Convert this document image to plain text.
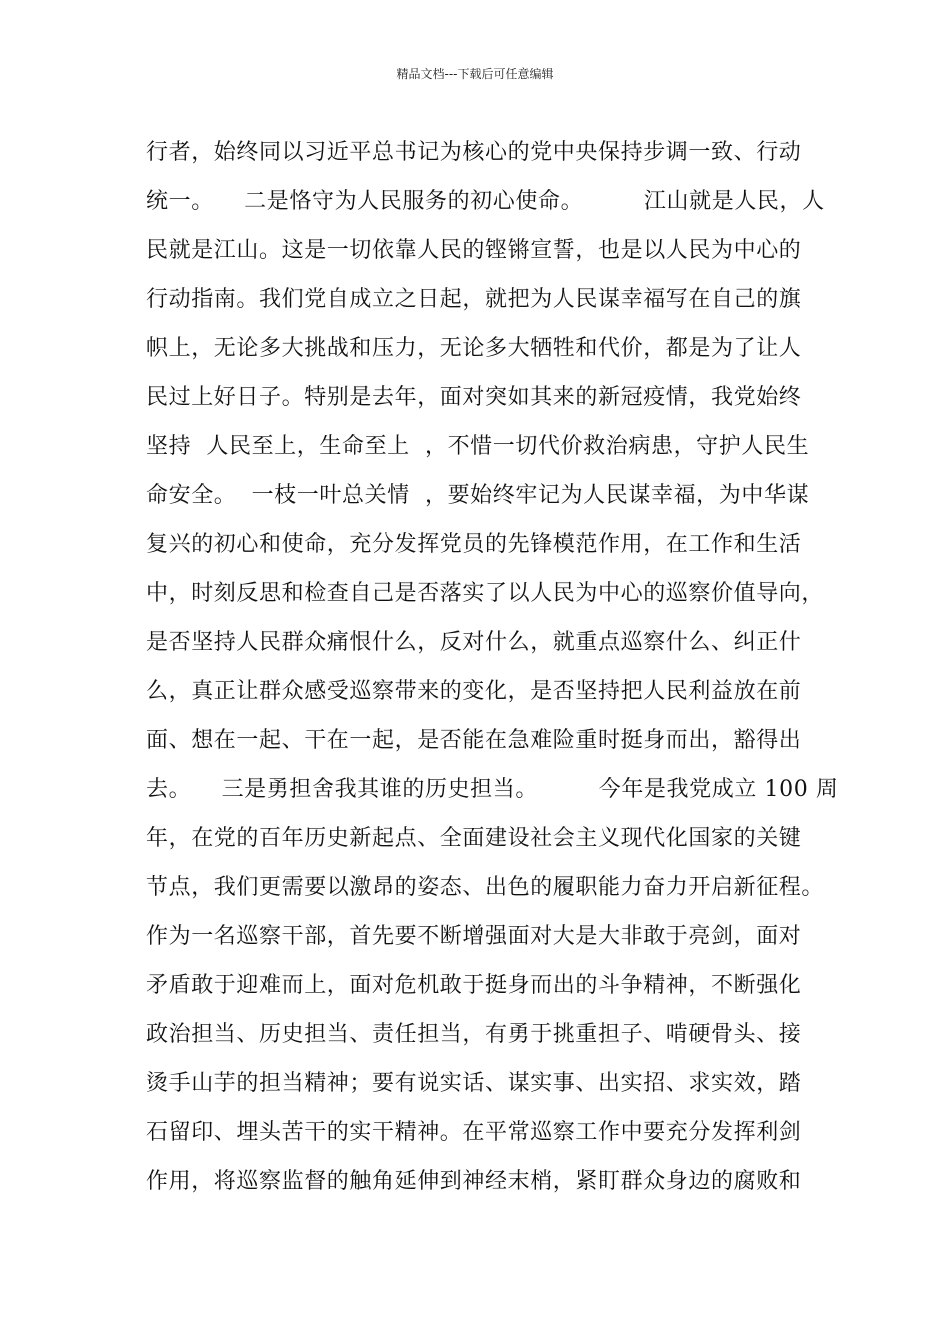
精品文档---下载后可任意编辑
行者，始终同以习近平总书记为核心的党中央保持步调一致、行动
统一。    二是恪守为人民服务的初心使命。        江山就是人民，人
民就是江山。这是一切依靠人民的铿锵宣誓，也是以人民为中心的
行动指南。我们党自成立之日起，就把为人民谋幸福写在自己的旗
帜上，无论多大挑战和压力，无论多大牺牲和代价，都是为了让人
民过上好日子。特别是去年，面对突如其来的新冠疫情，我党始终
坚持  人民至上，生命至上  ，不惜一切代价救治病患，守护人民生
命安全。  一枝一叶总关情  ，要始终牢记为人民谋幸福，为中华谋
复兴的初心和使命，充分发挥党员的先锋模范作用，在工作和生活
中，时刻反思和检查自己是否落实了以人民为中心的巡察价值导向，
是否坚持人民群众痛恨什么，反对什么，就重点巡察什么、纠正什
么，真正让群众感受巡察带来的变化，是否坚持把人民利益放在前
面、想在一起、干在一起，是否能在急难险重时挺身而出，豁得出
去。    三是勇担舍我其谁的历史担当。        今年是我党成立 100 周
年，在党的百年历史新起点、全面建设社会主义现代化国家的关键
节点，我们更需要以激昂的姿态、出色的履职能力奋力开启新征程。
作为一名巡察干部，首先要不断增强面对大是大非敢于亮剑，面对
矛盾敢于迎难而上，面对危机敢于挺身而出的斗争精神，不断强化
政治担当、历史担当、责任担当，有勇于挑重担子、啃硬骨头、接
烫手山芋的担当精神；要有说实话、谋实事、出实招、求实效，踏
石留印、埋头苦干的实干精神。在平常巡察工作中要充分发挥利剑
作用，将巡察监督的触角延伸到神经末梢，紧盯群众身边的腐败和
